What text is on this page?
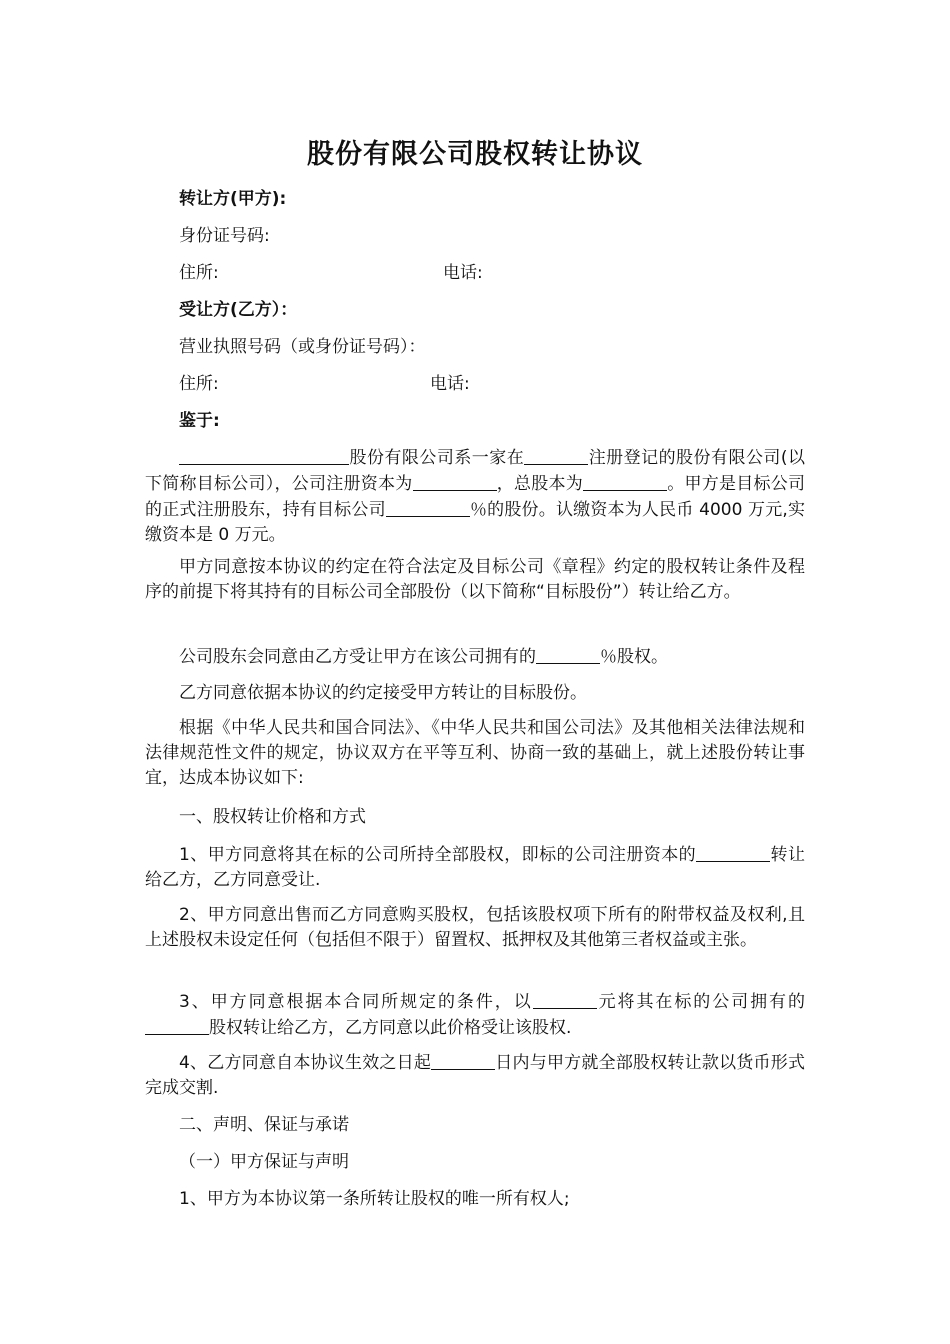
股份有限公司股权转让协议
转让方(甲方):
身份证号码:
住所:	电话:
受让方(乙方）：
营业执照号码（或身份证号码）：
住所:	电话:
鉴于:
股份有限公司系一家在	注册登记的股份有限公司(以下简称目标公司），公司注册资本为	，总股本为	。甲方是目标公司的正式注册股东，持有目标公司	％的股份。认缴资本为人民币 4000 万元,实缴资本是 0 万元。
甲方同意按本协议的约定在符合法定及目标公司《章程》约定的股权转让条件及程序的前提下将其持有的目标公司全部股份（以下简称“目标股份”）转让给乙方。
公司股东会同意由乙方受让甲方在该公司拥有的	％股权。
乙方同意依据本协议的约定接受甲方转让的目标股份。
根据《中华人民共和国合同法》、《中华人民共和国公司法》及其他相关法律法规和法律规范性文件的规定，协议双方在平等互利、协商一致的基础上，就上述股份转让事宜，达成本协议如下:
一、股权转让价格和方式
1、甲方同意将其在标的公司所持全部股权，即标的公司注册资本的	转让给乙方，乙方同意受让.
2、甲方同意出售而乙方同意购买股权，包括该股权项下所有的附带权益及权利,且上述股权未设定任何（包括但不限于）留置权、抵押权及其他第三者权益或主张。
3、甲方同意根据本合同所规定的条件，以	元将其在标的公司拥有的股权转让给乙方，乙方同意以此价格受让该股权.
4、乙方同意自本协议生效之日起	日内与甲方就全部股权转让款以货币形式完成交割.
二、声明、保证与承诺
（一）甲方保证与声明
1、甲方为本协议第一条所转让股权的唯一所有权人;
